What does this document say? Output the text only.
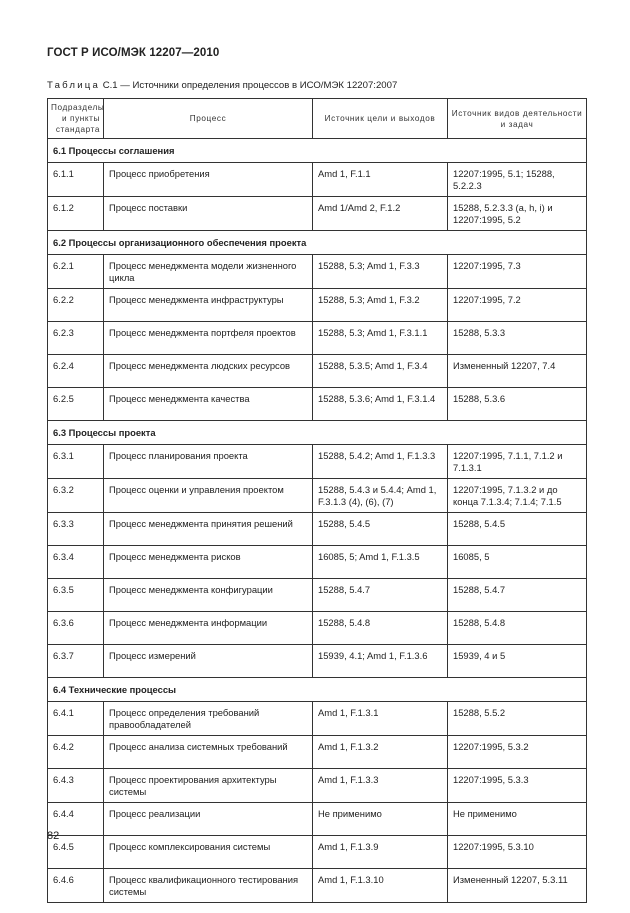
ГОСТ Р ИСО/МЭК 12207—2010
Таблица С.1 — Источники определения процессов в ИСО/МЭК 12207:2007
Подразделы и пункты стандарта	Процесс	Источник цели и выходов	Источник видов деятельности и задач
6.1 Процессы соглашения			
6.1.1	Процесс приобретения	Amd 1, F.1.1	12207:1995, 5.1; 15288, 5.2.2.3
6.1.2	Процесс поставки	Amd 1/Amd 2, F.1.2	15288, 5.2.3.3 (a, h, i) и 12207:1995, 5.2
6.2 Процессы организационного обеспечения проекта			
6.2.1	Процесс менеджмента модели жизненного цикла	15288, 5.3; Amd 1, F.3.3	12207:1995, 7.3
6.2.2	Процесс менеджмента инфраструктуры	15288, 5.3; Amd 1, F.3.2	12207:1995, 7.2
6.2.3	Процесс менеджмента портфеля проектов	15288, 5.3; Amd 1, F.3.1.1	15288, 5.3.3
6.2.4	Процесс менеджмента людских ресурсов	15288, 5.3.5; Amd 1, F.3.4	Измененный 12207, 7.4
6.2.5	Процесс менеджмента качества	15288, 5.3.6; Amd 1, F.3.1.4	15288, 5.3.6
6.3 Процессы проекта			
6.3.1	Процесс планирования проекта	15288, 5.4.2; Amd 1, F.1.3.3	12207:1995, 7.1.1, 7.1.2 и 7.1.3.1
6.3.2	Процесс оценки и управления проектом	15288, 5.4.3 и 5.4.4; Amd 1, F.3.1.3 (4), (6), (7)	12207:1995, 7.1.3.2 и до конца 7.1.3.4; 7.1.4; 7.1.5
6.3.3	Процесс менеджмента принятия решений	15288, 5.4.5	15288, 5.4.5
6.3.4	Процесс менеджмента рисков	16085, 5; Amd 1, F.1.3.5	16085, 5
6.3.5	Процесс менеджмента конфигурации	15288, 5.4.7	15288, 5.4.7
6.3.6	Процесс менеджмента информации	15288, 5.4.8	15288, 5.4.8
6.3.7	Процесс измерений	15939, 4.1; Amd 1, F.1.3.6	15939, 4 и 5
6.4 Технические процессы			
6.4.1	Процесс определения требований правообладателей	Amd 1, F.1.3.1	15288, 5.5.2
6.4.2	Процесс анализа системных требований	Amd 1, F.1.3.2	12207:1995, 5.3.2
6.4.3	Процесс проектирования архитектуры системы	Amd 1, F.1.3.3	12207:1995, 5.3.3
6.4.4	Процесс реализации	Не применимо	Не применимо
6.4.5	Процесс комплексирования системы	Amd 1, F.1.3.9	12207:1995, 5.3.10
6.4.6	Процесс квалификационного тестирования системы	Amd 1, F.1.3.10	Измененный 12207, 5.3.11
82
